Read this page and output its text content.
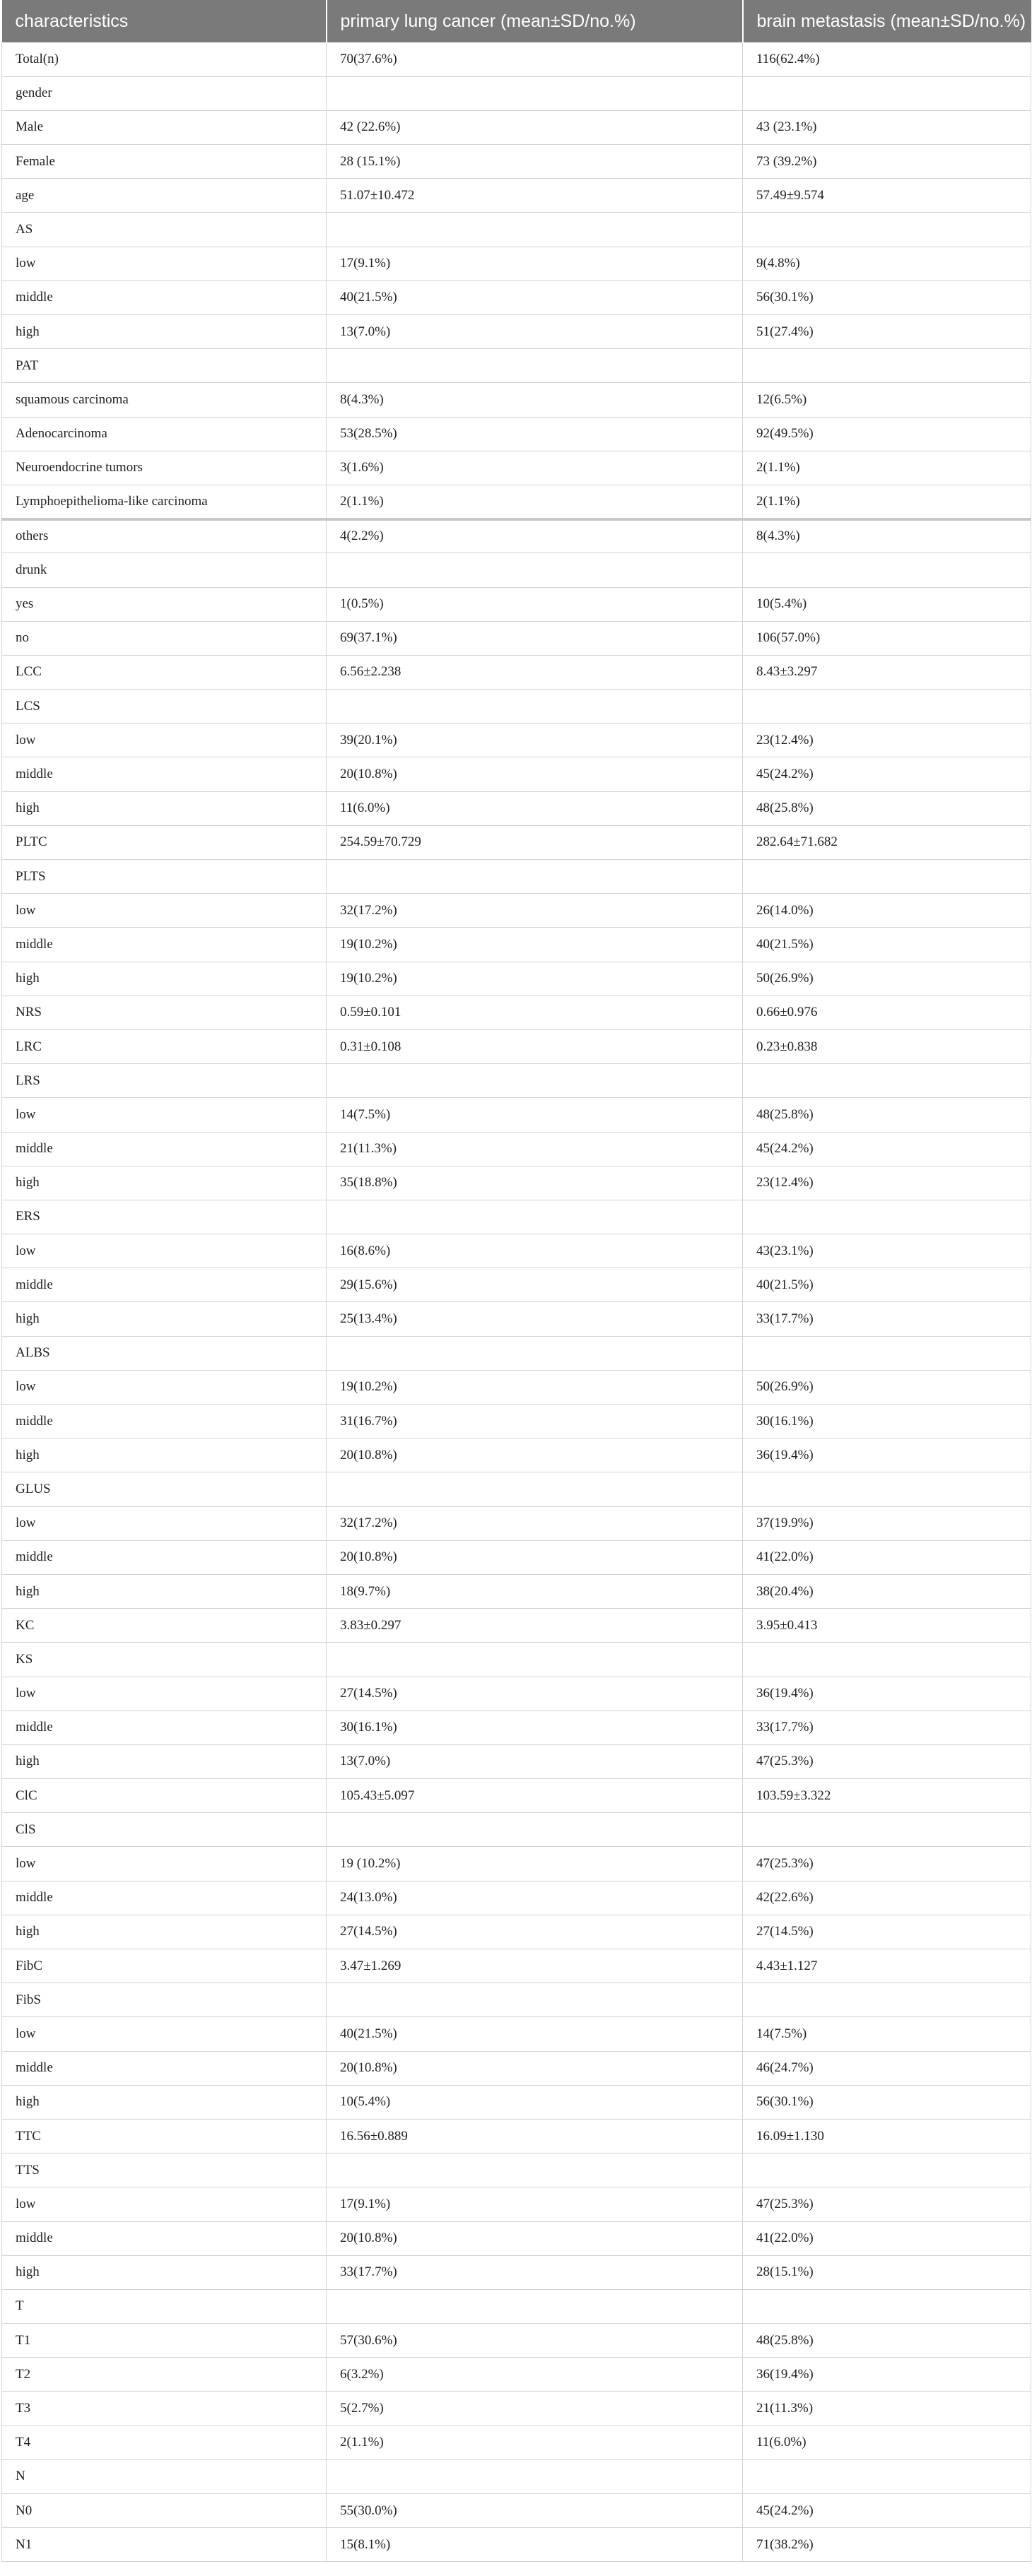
characteristics	primary lung cancer (mean±SD/no.%)	brain metastasis (mean±SD/no.%)
Total(n)	70(37.6%)	116(62.4%)
gender		
Male	42 (22.6%)	43 (23.1%)
Female	28 (15.1%)	73 (39.2%)
age	51.07±10.472	57.49±9.574
AS		
low	17(9.1%)	9(4.8%)
middle	40(21.5%)	56(30.1%)
high	13(7.0%)	51(27.4%)
PAT		
squamous carcinoma	8(4.3%)	12(6.5%)
Adenocarcinoma	53(28.5%)	92(49.5%)
Neuroendocrine tumors	3(1.6%)	2(1.1%)
Lymphoepithelioma-like carcinoma	2(1.1%)	2(1.1%)
others	4(2.2%)	8(4.3%)
drunk		
yes	1(0.5%)	10(5.4%)
no	69(37.1%)	106(57.0%)
LCC	6.56±2.238	8.43±3.297
LCS		
low	39(20.1%)	23(12.4%)
middle	20(10.8%)	45(24.2%)
high	11(6.0%)	48(25.8%)
PLTC	254.59±70.729	282.64±71.682
PLTS		
low	32(17.2%)	26(14.0%)
middle	19(10.2%)	40(21.5%)
high	19(10.2%)	50(26.9%)
NRS	0.59±0.101	0.66±0.976
LRC	0.31±0.108	0.23±0.838
LRS		
low	14(7.5%)	48(25.8%)
middle	21(11.3%)	45(24.2%)
high	35(18.8%)	23(12.4%)
ERS		
low	16(8.6%)	43(23.1%)
middle	29(15.6%)	40(21.5%)
high	25(13.4%)	33(17.7%)
ALBS		
low	19(10.2%)	50(26.9%)
middle	31(16.7%)	30(16.1%)
high	20(10.8%)	36(19.4%)
GLUS		
low	32(17.2%)	37(19.9%)
middle	20(10.8%)	41(22.0%)
high	18(9.7%)	38(20.4%)
KC	3.83±0.297	3.95±0.413
KS		
low	27(14.5%)	36(19.4%)
middle	30(16.1%)	33(17.7%)
high	13(7.0%)	47(25.3%)
ClC	105.43±5.097	103.59±3.322
ClS		
low	19 (10.2%)	47(25.3%)
middle	24(13.0%)	42(22.6%)
high	27(14.5%)	27(14.5%)
FibC	3.47±1.269	4.43±1.127
FibS		
low	40(21.5%)	14(7.5%)
middle	20(10.8%)	46(24.7%)
high	10(5.4%)	56(30.1%)
TTC	16.56±0.889	16.09±1.130
TTS		
low	17(9.1%)	47(25.3%)
middle	20(10.8%)	41(22.0%)
high	33(17.7%)	28(15.1%)
T		
T1	57(30.6%)	48(25.8%)
T2	6(3.2%)	36(19.4%)
T3	5(2.7%)	21(11.3%)
T4	2(1.1%)	11(6.0%)
N		
N0	55(30.0%)	45(24.2%)
N1	15(8.1%)	71(38.2%)
